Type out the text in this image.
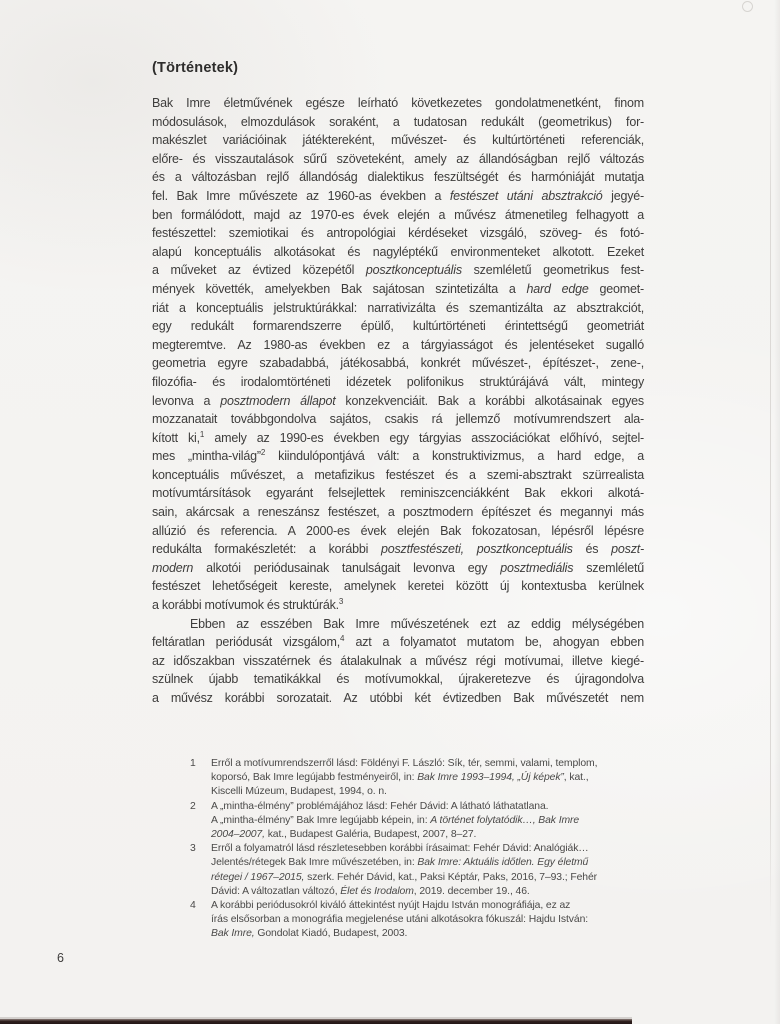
(Történetek)
Bak Imre életművének egésze leírható következetes gondolatmenetként, finom
módosulások, elmozdulások soraként, a tudatosan redukált (geometrikus) for-
makészlet variációinak játéktereként, művészet- és kultúrtörténeti referenciák,
előre- és visszautalások sűrű szöveteként, amely az állandóságban rejlő változás
és a változásban rejlő állandóság dialektikus feszültségét és harmóniáját mutatja
fel. Bak Imre művészete az 1960-as években a festészet utáni absztrakció jegyé-
ben formálódott, majd az 1970-es évek elején a művész átmenetileg felhagyott a
festészettel: szemiotikai és antropológiai kérdéseket vizsgáló, szöveg- és fotó-
alapú konceptuális alkotásokat és nagyléptékű environmenteket alkotott. Ezeket
a műveket az évtized közepétől posztkonceptuális szemléletű geometrikus fest-
mények követték, amelyekben Bak sajátosan szintetizálta a hard edge geomet-
riát a konceptuális jelstruktúrákkal: narrativizálta és szemantizálta az absztrakciót,
egy redukált formarendszerre épülő, kultúrtörténeti érintettségű geometriát
megteremtve. Az 1980-as években ez a tárgyiasságot és jelentéseket sugalló
geometria egyre szabadabbá, játékosabbá, konkrét művészet-, építészet-, zene-,
filozófia- és irodalomtörténeti idézetek polifonikus struktúrájává vált, mintegy
levonva a posztmodern állapot konzekvenciáit. Bak a korábbi alkotásainak egyes
mozzanatait továbbgondolva sajátos, csakis rá jellemző motívumrendszert ala-
kított ki,$^1$ amely az 1990-es években egy tárgyias asszociációkat előhívó, sejtel-
mes „mintha-világ”$^2$ kiindulópontjává vált: a konstruktivizmus, a hard edge, a
konceptuális művészet, a metafizikus festészet és a szemi-absztrakt szürrealista
motívumtársítások egyaránt felsejlettek reminiszcenciákként Bak ekkori alkotá-
sain, akárcsak a reneszánsz festészet, a posztmodern építészet és megannyi más
allúzió és referencia. A 2000-es évek elején Bak fokozatosan, lépésről lépésre
redukálta formakészletét: a korábbi posztfestészeti, posztkonceptuális és poszt-
modern alkotói periódusainak tanulságait levonva egy posztmediális szemléletű
festészet lehetőségeit kereste, amelynek keretei között új kontextusba kerülnek
a korábbi motívumok és struktúrák.$^3$
Ebben az esszében Bak Imre művészetének ezt az eddig mélységében
feltáratlan periódusát vizsgálom,$^4$ azt a folyamatot mutatom be, ahogyan ebben
az időszakban visszatérnek és átalakulnak a művész régi motívumai, illetve kiegé-
szülnek újabb tematikákkal és motívumokkal, újrakeretezve és újragondolva
a művész korábbi sorozatait. Az utóbbi két évtizedben Bak művészetét nem
1	Erről a motívumrendszerről lásd: Földényi F. László: Sík, tér, semmi, valami, templom,
koporsó, Bak Imre legújabb festményeiről, in: Bak Imre 1993–1994, „Új képek”, kat.,
Kiscelli Múzeum, Budapest, 1994, o. n.
2	A „mintha-élmény” problémájához lásd: Fehér Dávid: A látható láthatatlana.
A „mintha-élmény” Bak Imre legújabb képein, in: A történet folytatódik…, Bak Imre
2004–2007, kat., Budapest Galéria, Budapest, 2007, 8–27.
3	Erről a folyamatról lásd részletesebben korábbi írásaimat: Fehér Dávid: Analógiák…
Jelentés/rétegek Bak Imre művészetében, in: Bak Imre: Aktuális időtlen. Egy életmű
rétegei / 1967–2015, szerk. Fehér Dávid, kat., Paksi Képtár, Paks, 2016, 7–93.; Fehér
Dávid: A változatlan változó, Élet és Irodalom, 2019. december 19., 46.
4	A korábbi periódusokról kiváló áttekintést nyújt Hajdu István monográfiája, ez az
írás elsősorban a monográfia megjelenése utáni alkotásokra fókuszál: Hajdu István:
Bak Imre, Gondolat Kiadó, Budapest, 2003.
6
